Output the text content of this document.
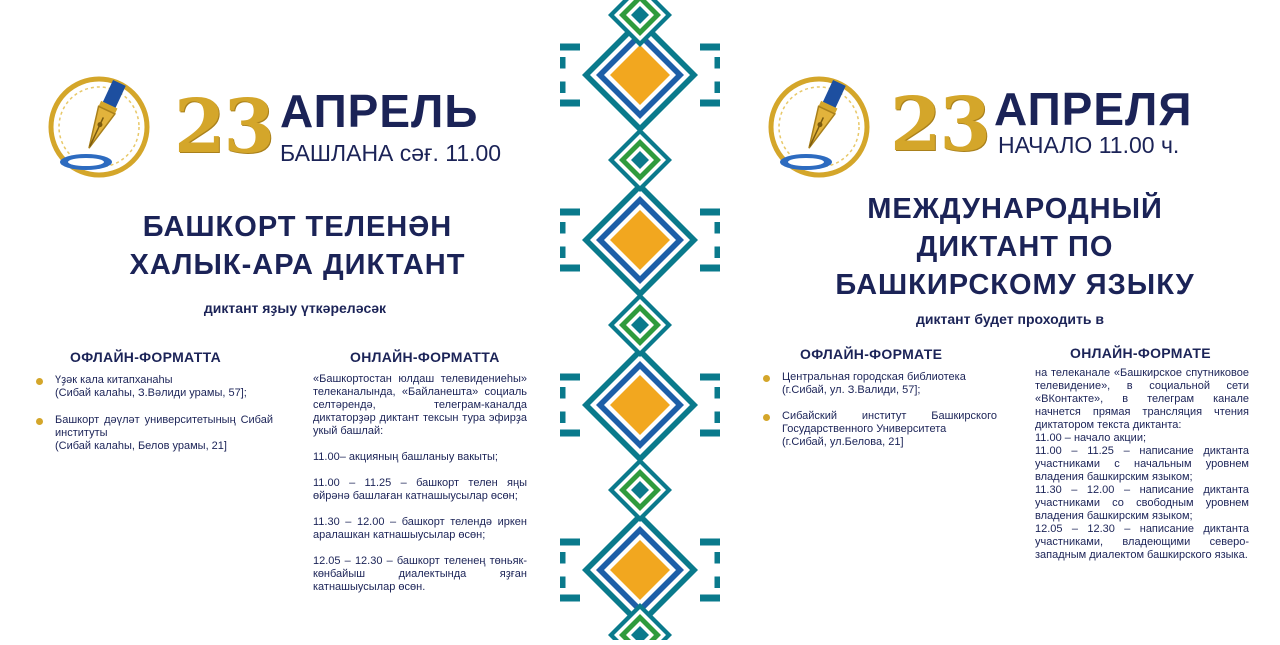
23 АПРЕЛЬ
БАШЛАНА сәғ. 11.00
БАШКОРТ ТЕЛЕНӘН
ХАЛЫК-АРА ДИКТАНТ
диктант яҙыу үткәреләсәк
ОФЛАЙН-ФОРМАТТА	ОНЛАЙН-ФОРМАТТА
Үҙәк кала китапханаһы
(Сибай калаһы, З.Вәлиди урамы, 57];
Башкорт дәүләт университетының Сибай институты
(Сибай калаһы, Белов урамы, 21]

«Башкортостан юлдаш телевидениеһы» телеканалында, «Байланешта» социаль селтәрендә, телеграм-каналда диктаторҙәр диктант тексын тура эфирҙа укый башлай:

11.00– акцияның башланыу вакыты;

11.00 – 11.25 – башкорт телен яңы өйрәнә башлаған катнашыусылар өсөн;

11.30 – 12.00 – башкорт телендә иркен аралашкан катнашыусылар өсөн;

12.05 – 12.30 – башкорт теленең төньяк-көнбайыш диалектында яҙған катнашыусылар өсөн.

23 АПРЕЛЯ
НАЧАЛО 11.00 ч.
МЕЖДУНАРОДНЫЙ
ДИКТАНТ ПО
БАШКИРСКОМУ ЯЗЫКУ
диктант будет проходить в
ОФЛАЙН-ФОРМАТЕ	ОНЛАЙН-ФОРМАТЕ
Центральная городская библиотека
(г.Сибай, ул. З.Валиди, 57];
Сибайский институт Башкирского Государственного Университета
(г.Сибай, ул.Белова, 21]

на телеканале «Башкирское спутниковое телевидение», в социальной сети «ВКонтакте», в телеграм канале начнется прямая трансляция чтения диктатором текста диктанта:

11.00 – начало акции;

11.00 – 11.25 – написание диктанта участниками с начальным уровнем владения башкирским языком;

11.30 – 12.00 – написание диктанта участниками со свободным уровнем владения башкирским языком;

12.05 – 12.30 – написание диктанта участниками, владеющими северо-западным диалектом башкирского языка.
